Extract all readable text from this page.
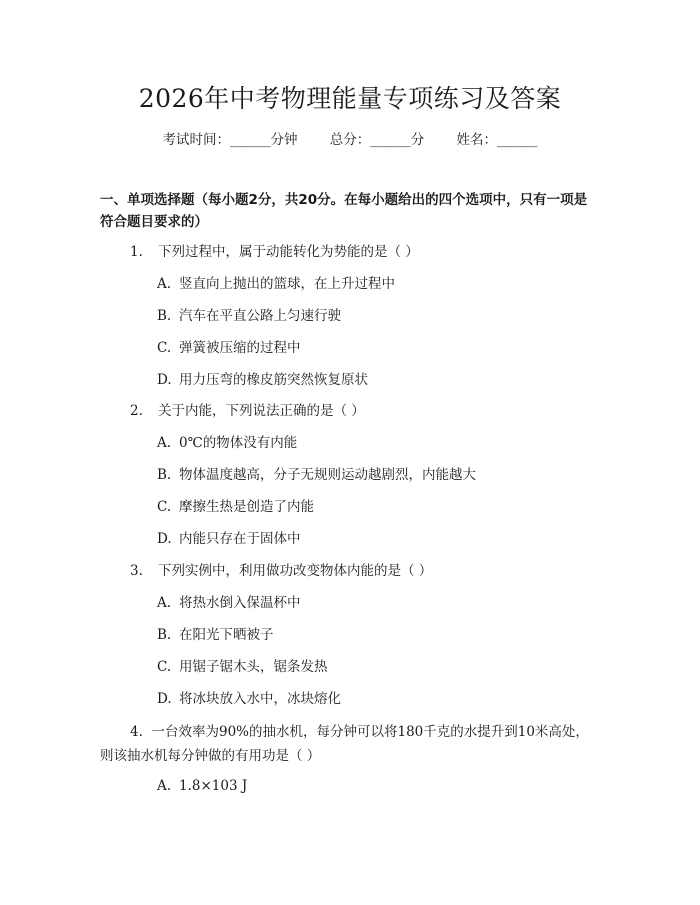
2026年中考物理能量专项练习及答案
考试时间：______分钟 总分：______分 姓名：______
一、单项选择题（每小题2分，共20分。在每小题给出的四个选项中，只有一项是符合题目要求的）
1. 下列过程中，属于动能转化为势能的是（ ）
A. 竖直向上抛出的篮球，在上升过程中
B. 汽车在平直公路上匀速行驶
C. 弹簧被压缩的过程中
D. 用力压弯的橡皮筋突然恢复原状
2. 关于内能，下列说法正确的是（ ）
A. 0℃的物体没有内能
B. 物体温度越高，分子无规则运动越剧烈，内能越大
C. 摩擦生热是创造了内能
D. 内能只存在于固体中
3. 下列实例中，利用做功改变物体内能的是（ ）
A. 将热水倒入保温杯中
B. 在阳光下晒被子
C. 用锯子锯木头，锯条发热
D. 将冰块放入水中，冰块熔化
4. 一台效率为90%的抽水机，每分钟可以将180千克的水提升到10米高处，则该抽水机每分钟做的有用功是（ ）
A. 1.8×103 J
